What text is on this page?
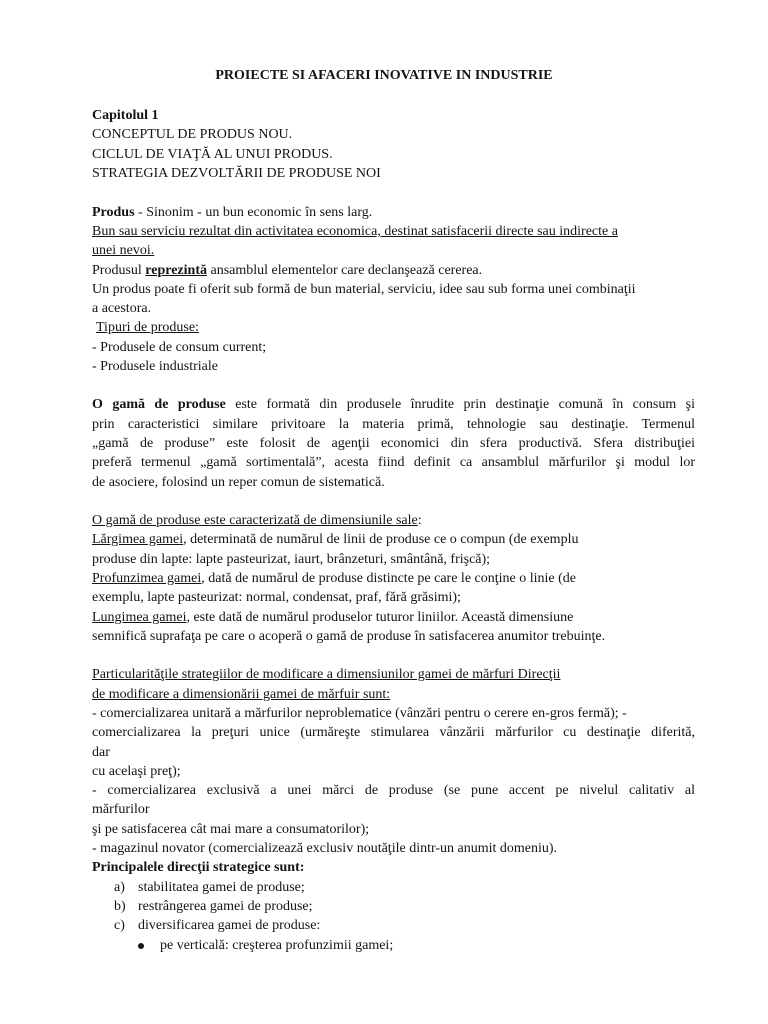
PROIECTE SI AFACERI INOVATIVE IN INDUSTRIE
Capitolul 1
CONCEPTUL DE PRODUS NOU.
CICLUL DE VIAŢĂ AL UNUI PRODUS.
STRATEGIA DEZVOLTĂRII DE PRODUSE NOI
Produs - Sinonim - un bun economic în sens larg.
Bun sau serviciu rezultat din activitatea economica, destinat satisfacerii directe sau indirecte a
unei nevoi.
Produsul reprezintă ansamblul elementelor care declanşează cererea.
Un produs poate fi oferit sub formă de bun material, serviciu, idee sau sub forma unei combinaţii
a acestora.
Tipuri de produse:
- Produsele de consum current;
- Produsele industriale
O gamă de produse este formată din produsele înrudite prin destinaţie comună în consum şi
prin caracteristici similare privitoare la materia primă, tehnologie sau destinaţie. Termenul
„gamă de produse” este folosit de agenţii economici din sfera productivă. Sfera distribuţiei
preferă termenul „gamă sortimentală”, acesta fiind definit ca ansamblul mărfurilor şi modul lor
de asociere, folosind un reper comun de sistematică.
O gamă de produse este caracterizată de dimensiunile sale:
Lărgimea gamei, determinată de numărul de linii de produse ce o compun (de exemplu
produse din lapte: lapte pasteurizat, iaurt, brânzeturi, smântână, frişcă);
Profunzimea gamei, dată de numărul de produse distincte pe care le conţine o linie (de
exemplu, lapte pasteurizat: normal, condensat, praf, fără grăsimi);
Lungimea gamei, este dată de numărul produselor tuturor liniilor. Această dimensiune
semnifică suprafaţa pe care o acoperă o gamă de produse în satisfacerea anumitor trebuinţe.
Particularităţile strategiilor de modificare a dimensiunilor gamei de mărfuri Direcţii
de modificare a dimensionării gamei de mărfuir sunt:
- comercializarea unitară a mărfurilor neproblematice (vânzări pentru o cerere en-gros fermă); -
comercializarea la preţuri unice (urmăreşte stimularea vânzării mărfurilor cu destinaţie diferită,
dar
cu acelaşi preţ);
- comercializarea exclusivă a unei mărci de produse (se pune accent pe nivelul calitativ al
mărfurilor
şi pe satisfacerea cât mai mare a consumatorilor);
- magazinul novator (comercializează exclusiv noutăţile dintr-un anumit domeniu).
Principalele direcţii strategice sunt:
a) stabilitatea gamei de produse;
b) restrângerea gamei de produse;
c) diversificarea gamei de produse:
pe verticală: creşterea profunzimii gamei;
